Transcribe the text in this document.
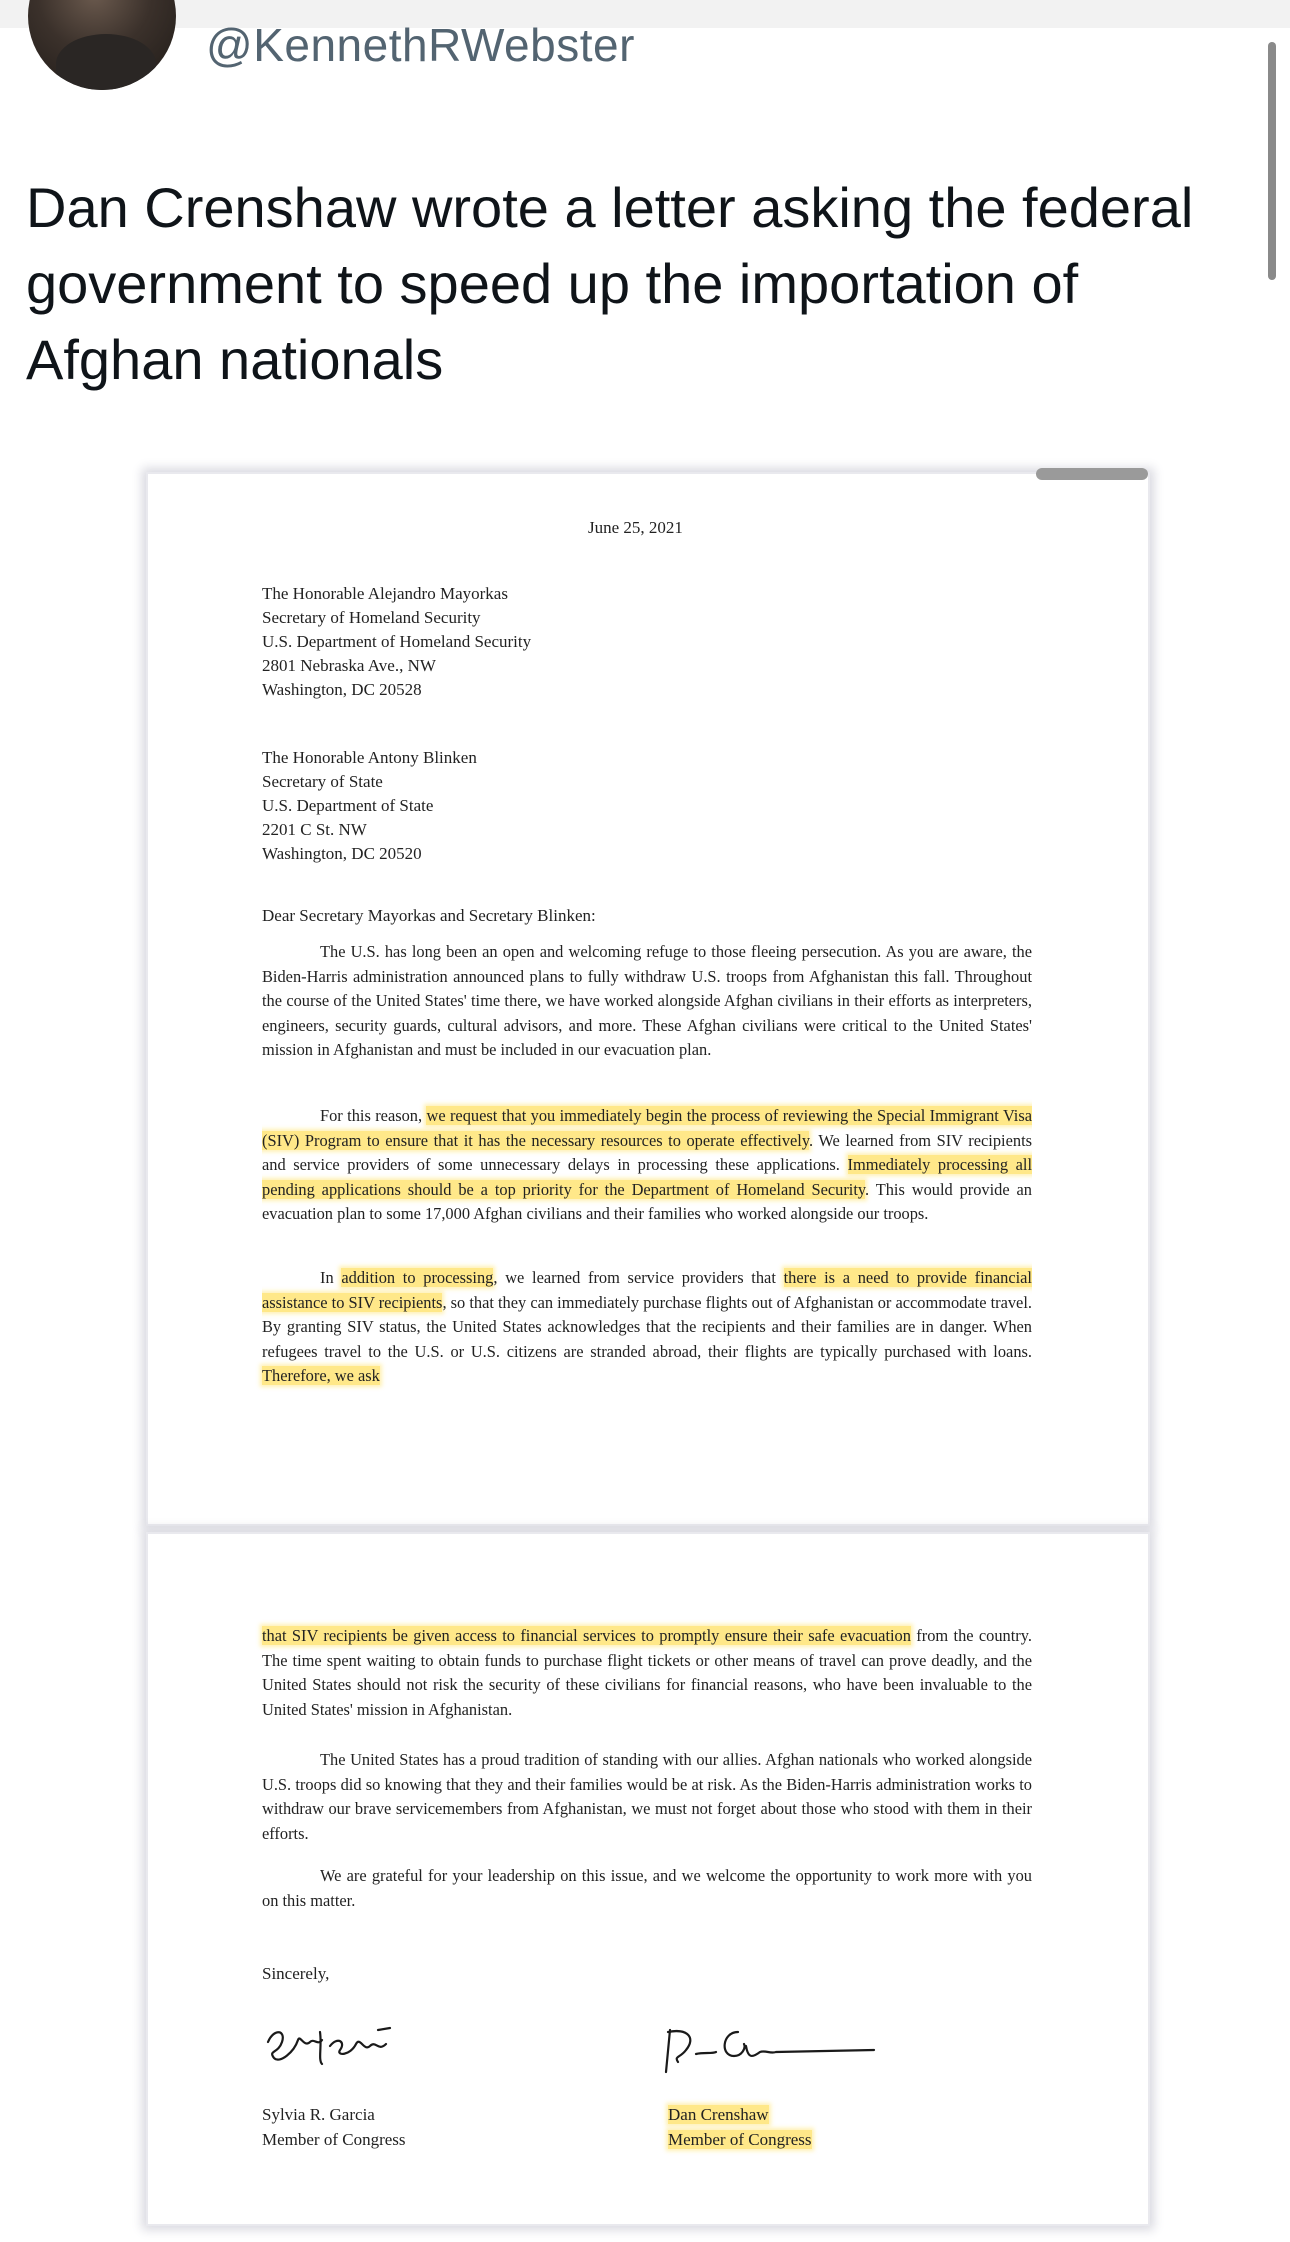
@KennethRWebster

Dan Crenshaw wrote a letter asking the federal government to speed up the importation of Afghan nationals

June 25, 2021
The Honorable Alejandro Mayorkas
Secretary of Homeland Security
U.S. Department of Homeland Security
2801 Nebraska Ave., NW
Washington, DC 20528
The Honorable Antony Blinken
Secretary of State
U.S. Department of State
2201 C St. NW
Washington, DC 20520
Dear Secretary Mayorkas and Secretary Blinken:

The U.S. has long been an open and welcoming refuge to those fleeing persecution. As you are aware, the Biden-Harris administration announced plans to fully withdraw U.S. troops from Afghanistan this fall. Throughout the course of the United States' time there, we have worked alongside Afghan civilians in their efforts as interpreters, engineers, security guards, cultural advisors, and more. These Afghan civilians were critical to the United States' mission in Afghanistan and must be included in our evacuation plan.

For this reason, we request that you immediately begin the process of reviewing the Special Immigrant Visa (SIV) Program to ensure that it has the necessary resources to operate effectively. We learned from SIV recipients and service providers of some unnecessary delays in processing these applications. Immediately processing all pending applications should be a top priority for the Department of Homeland Security. This would provide an evacuation plan to some 17,000 Afghan civilians and their families who worked alongside our troops.

In addition to processing, we learned from service providers that there is a need to provide financial assistance to SIV recipients, so that they can immediately purchase flights out of Afghanistan or accommodate travel. By granting SIV status, the United States acknowledges that the recipients and their families are in danger. When refugees travel to the U.S. or U.S. citizens are stranded abroad, their flights are typically purchased with loans. Therefore, we ask

that SIV recipients be given access to financial services to promptly ensure their safe evacuation from the country. The time spent waiting to obtain funds to purchase flight tickets or other means of travel can prove deadly, and the United States should not risk the security of these civilians for financial reasons, who have been invaluable to the United States' mission in Afghanistan.

The United States has a proud tradition of standing with our allies. Afghan nationals who worked alongside U.S. troops did so knowing that they and their families would be at risk. As the Biden-Harris administration works to withdraw our brave servicemembers from Afghanistan, we must not forget about those who stood with them in their efforts.

We are grateful for your leadership on this issue, and we welcome the opportunity to work more with you on this matter.

Sincerely,
Sylvia R. Garcia
Member of Congress
Dan Crenshaw
Member of Congress
